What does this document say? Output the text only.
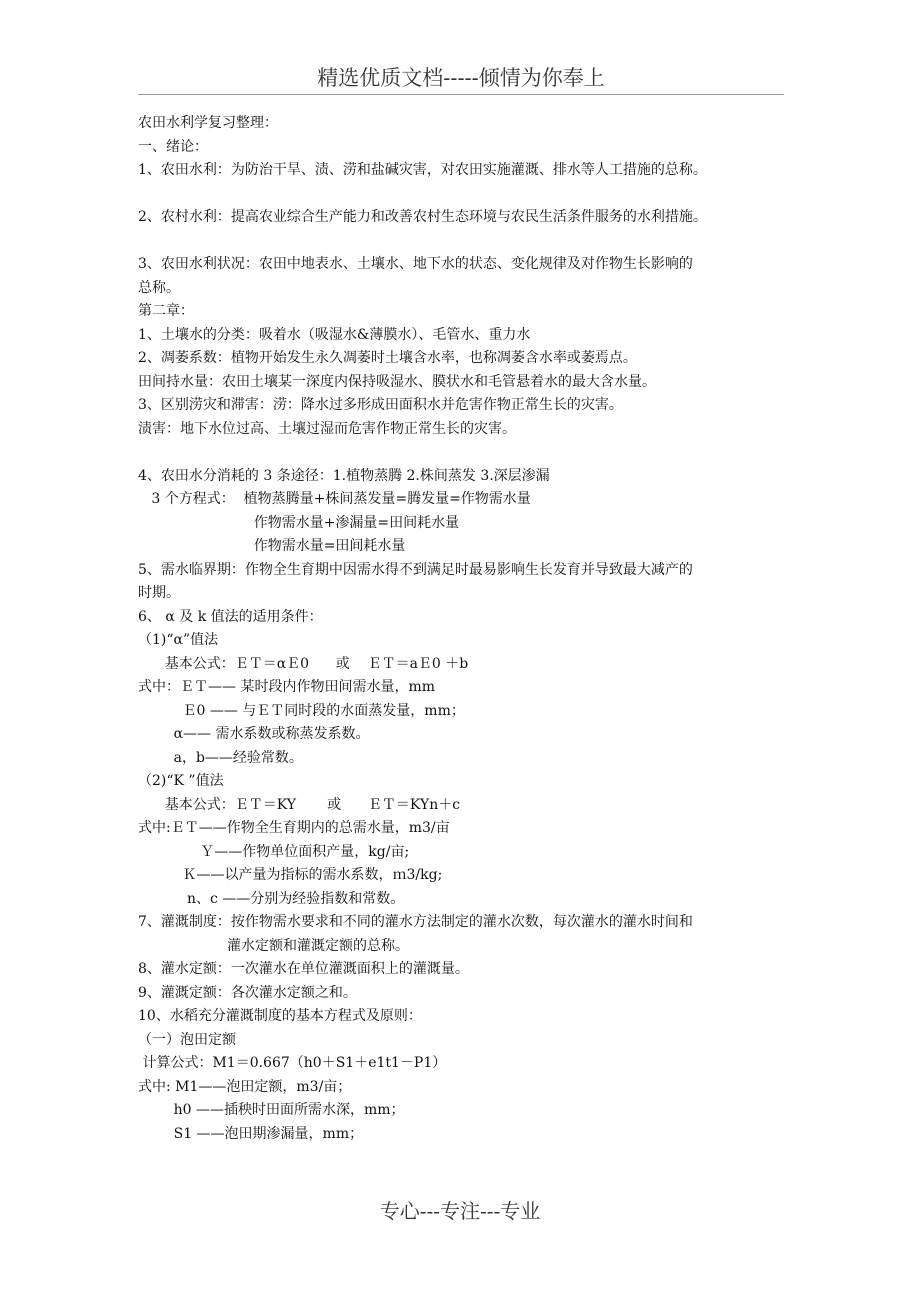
精选优质文档-----倾情为你奉上
农田水利学复习整理：
一、绪论：
1、农田水利：为防治干旱、渍、涝和盐碱灾害，对农田实施灌溉、排水等人工措施的总称。
2、农村水利：提高农业综合生产能力和改善农村生态环境与农民生活条件服务的水利措施。
3、农田水利状况：农田中地表水、土壤水、地下水的状态、变化规律及对作物生长影响的
总称。
第二章：
1、土壤水的分类：吸着水（吸湿水&薄膜水）、毛管水、重力水
2、凋萎系数：植物开始发生永久凋萎时土壤含水率，也称凋萎含水率或萎焉点。
田间持水量：农田土壤某一深度内保持吸湿水、膜状水和毛管悬着水的最大含水量。
3、区别涝灾和滞害：涝：降水过多形成田面积水并危害作物正常生长的灾害。
渍害：地下水位过高、土壤过湿而危害作物正常生长的灾害。
4、农田水分消耗的 3 条途径：1.植物蒸腾 2.株间蒸发 3.深层渗漏
3 个方程式：  植物蒸腾量+株间蒸发量=腾发量=作物需水量
作物需水量+渗漏量=田间耗水量
作物需水量=田间耗水量
5、需水临界期：作物全生育期中因需水得不到满足时最易影响生长发育并导致最大减产的
时期。
6、 α 及 k 值法的适用条件：
（1)“α”值法
基本公式：ＥＴ＝αＥ0      或    ＥＴ＝aＥ0 ＋b
式中：ＥＴ—— 某时段内作物田间需水量，mm
Ｅ0 —— 与ＥＴ同时段的水面蒸发量，mm；
α—— 需水系数或称蒸发系数。
a，b——经验常数。
（2)“K ”值法
基本公式：ＥＴ＝KY       或      ＥＴ＝KYn＋c
式中:ＥＴ——作物全生育期内的总需水量，m3/亩
Ｙ——作物单位面积产量，kg/亩;
Ｋ——以产量为指标的需水系数，ｍ3/kg;
n、c ——分别为经验指数和常数。
7、灌溉制度：按作物需水要求和不同的灌水方法制定的灌水次数，每次灌水的灌水时间和
灌水定额和灌溉定额的总称。
8、灌水定额：一次灌水在单位灌溉面积上的灌溉量。
9、灌溉定额：各次灌水定额之和。
10、水稻充分灌溉制度的基本方程式及原则：
（一）泡田定额
计算公式：M1＝0.667（h0＋S1＋e1t1－P1）
式中: M1——泡田定额，m3/亩；
h0 ——插秧时田面所需水深，mm；
S1 ——泡田期渗漏量，mm；
专心---专注---专业
